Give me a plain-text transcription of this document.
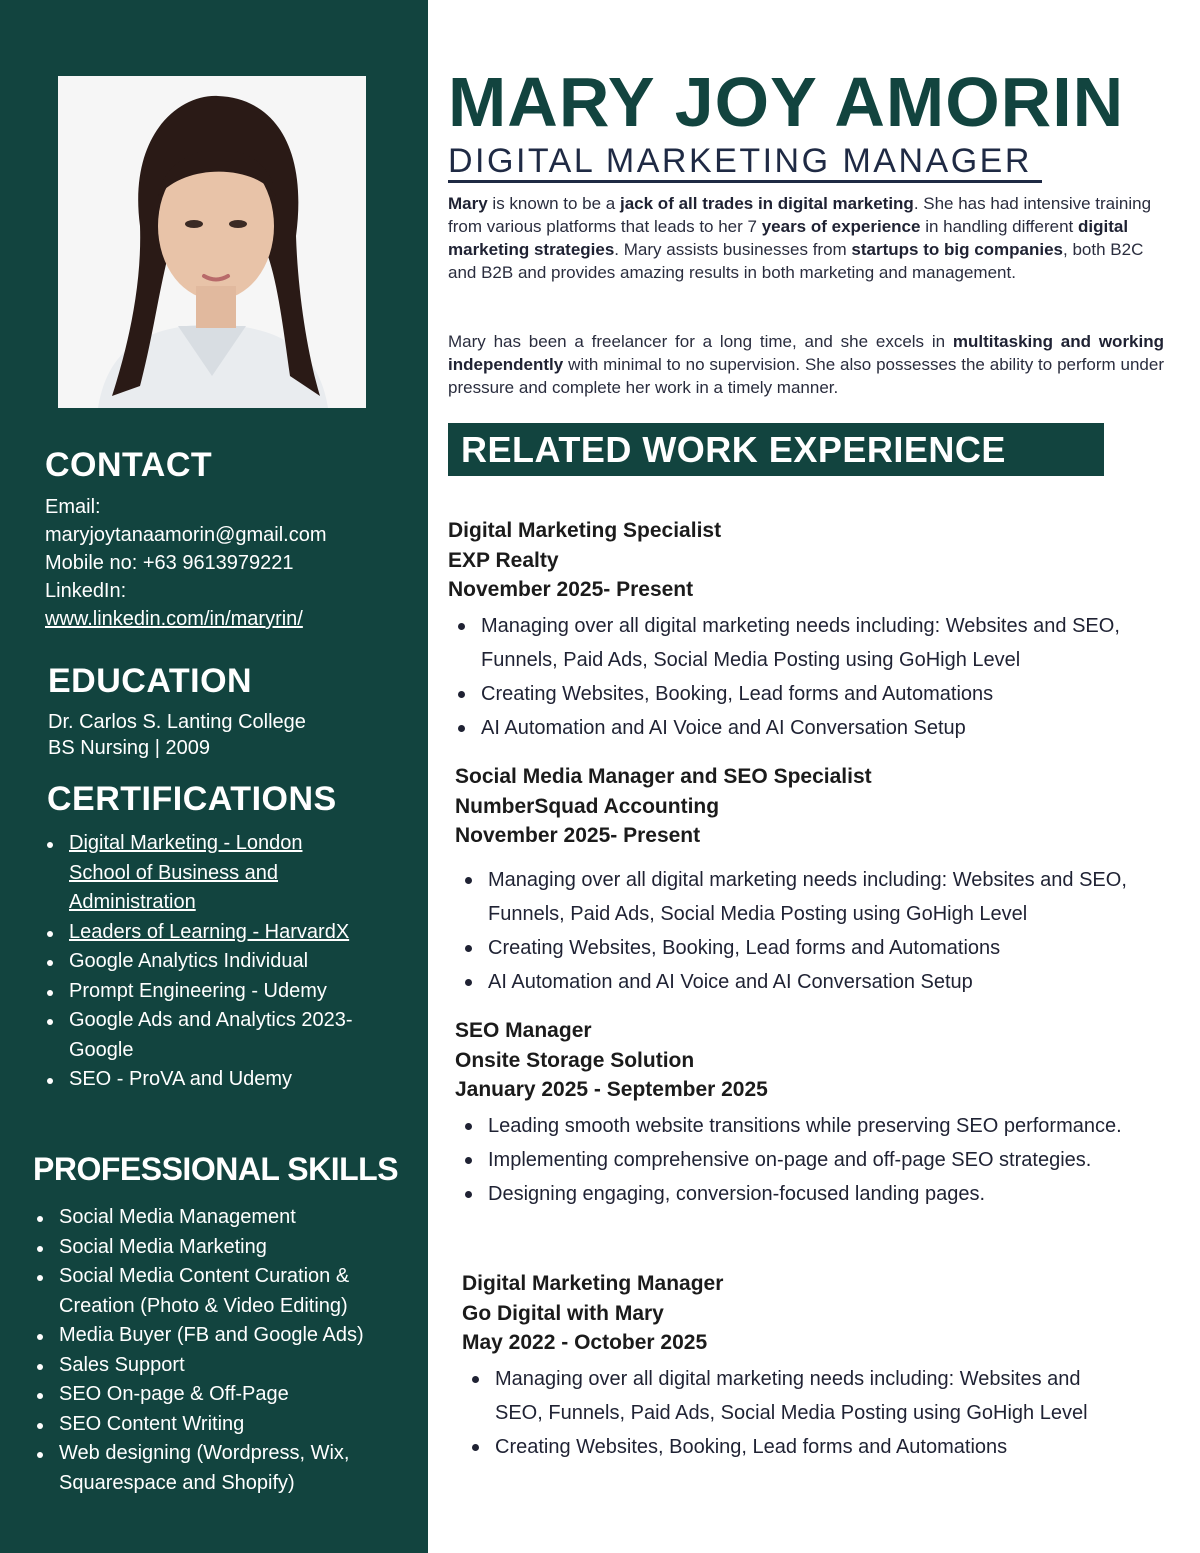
CONTACT
Email:
maryjoytanaamorin@gmail.com
Mobile no: +63 9613979221
LinkedIn:
www.linkedin.com/in/maryrin/
EDUCATION
Dr. Carlos S. Lanting College
BS Nursing | 2009
CERTIFICATIONS
Digital Marketing - London School of Business and Administration
Leaders of Learning - HarvardX
Google Analytics Individual
Prompt Engineering - Udemy
Google Ads and Analytics 2023- Google
SEO - ProVA and Udemy
PROFESSIONAL SKILLS
Social Media Management
Social Media Marketing
Social Media Content Curation & Creation (Photo & Video Editing)
Media Buyer (FB and Google Ads)
Sales Support
SEO On-page & Off-Page
SEO Content Writing
Web designing (Wordpress, Wix, Squarespace and Shopify)
MARY JOY AMORIN
DIGITAL MARKETING MANAGER

Mary is known to be a jack of all trades in digital marketing. She has had intensive training from various platforms that leads to her 7 years of experience in handling different digital marketing strategies. Mary assists businesses from startups to big companies, both B2C and B2B and provides amazing results in both marketing and management.

Mary has been a freelancer for a long time, and she excels in multitasking and working independently with minimal to no supervision. She also possesses the ability to perform under pressure and complete her work in a timely manner.

RELATED WORK EXPERIENCE
Digital Marketing Specialist
EXP Realty
November 2025- Present
Managing over all digital marketing needs including: Websites and SEO, Funnels, Paid Ads, Social Media Posting using GoHigh Level
Creating Websites, Booking, Lead forms and Automations
AI Automation and AI Voice and AI Conversation Setup
Social Media Manager and SEO Specialist
NumberSquad Accounting
November 2025- Present
Managing over all digital marketing needs including: Websites and SEO, Funnels, Paid Ads, Social Media Posting using GoHigh Level
Creating Websites, Booking, Lead forms and Automations
AI Automation and AI Voice and AI Conversation Setup
SEO Manager
Onsite Storage Solution
January 2025 - September 2025
Leading smooth website transitions while preserving SEO performance.
Implementing comprehensive on-page and off-page SEO strategies.
Designing engaging, conversion-focused landing pages.
Digital Marketing Manager
Go Digital with Mary
May 2022 - October 2025
Managing over all digital marketing needs including: Websites and SEO, Funnels, Paid Ads, Social Media Posting using GoHigh Level
Creating Websites, Booking, Lead forms and Automations
